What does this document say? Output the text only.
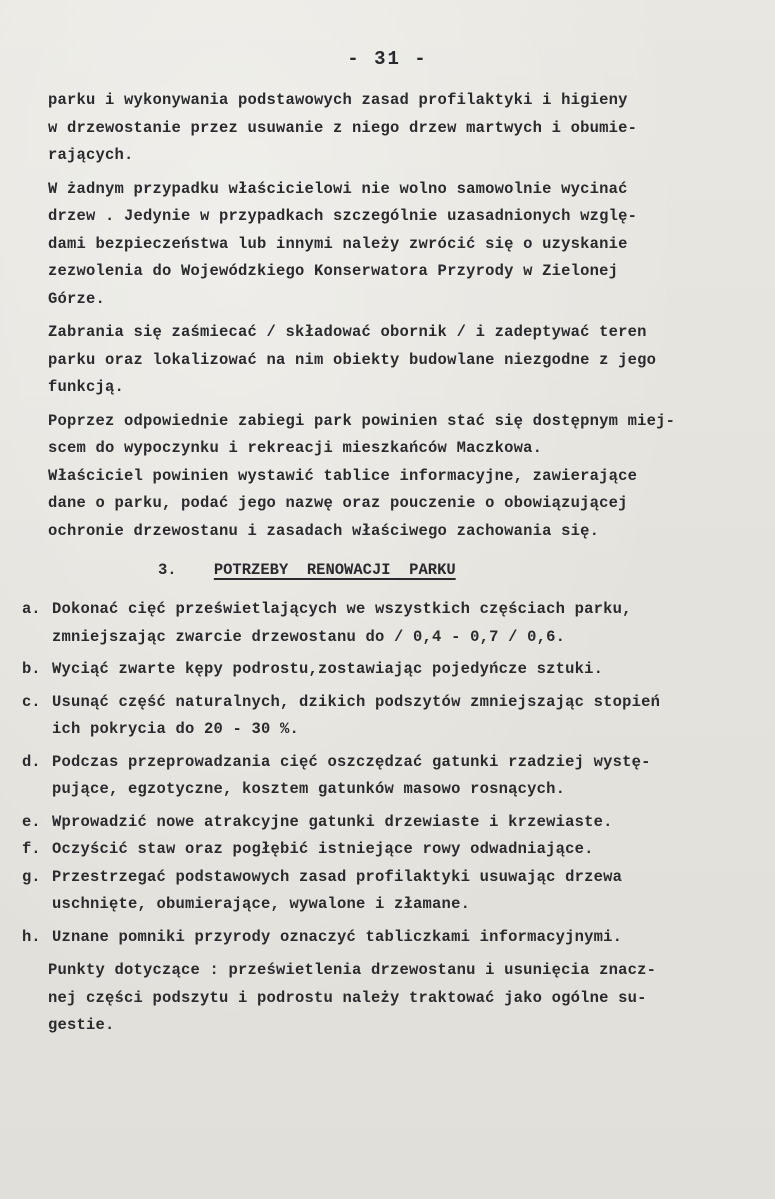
- 31 -
parku i wykonywania podstawowych zasad profilaktyki i higieny
w drzewostanie przez usuwanie z niego drzew martwych i obumie-
rających.
W żadnym przypadku właścicielowi nie wolno samowolnie wycinać
drzew . Jedynie w przypadkach szczególnie uzasadnionych wzglę-
dami bezpieczeństwa lub innymi należy zwrócić się o uzyskanie
zezwolenia do Wojewódzkiego Konserwatora Przyrody w Zielonej
Górze.
Zabrania się zaśmiecać / składować obornik / i zadeptywać teren
parku oraz lokalizować na nim obiekty budowlane niezgodne z jego
funkcją.
Poprzez odpowiednie zabiegi park powinien stać się dostępnym miej-
scem do wypoczynku i rekreacji mieszkańców Maczkowa.
Właściciel powinien wystawić tablice informacyjne, zawierające
dane o parku, podać jego nazwę oraz pouczenie o obowiązującej
ochronie drzewostanu i zasadach właściwego zachowania się.
3. POTRZEBY  RENOWACJI  PARKU
a. Dokonać cięć prześwietlających we wszystkich częściach parku,
zmniejszając zwarcie drzewostanu do / 0,4 - 0,7 / 0,6.
b. Wyciąć zwarte kępy podrostu,zostawiając pojedyńcze sztuki.
c. Usunąć część naturalnych, dzikich podszytów zmniejszając stopień
ich pokrycia do 20 - 30 %.
d. Podczas przeprowadzania cięć oszczędzać gatunki rzadziej wystę-
pujące, egzotyczne, kosztem gatunków masowo rosnących.
e. Wprowadzić nowe atrakcyjne gatunki drzewiaste i krzewiaste.
f. Oczyścić staw oraz pogłębić istniejące rowy odwadniające.
g. Przestrzegać podstawowych zasad profilaktyki usuwając drzewa
uschnięte, obumierające, wywalone i złamane.
h. Uznane pomniki przyrody oznaczyć tabliczkami informacyjnymi.
Punkty dotyczące : prześwietlenia drzewostanu i usunięcia znacz-
nej części podszytu i podrostu należy traktować jako ogólne su-
gestie.
